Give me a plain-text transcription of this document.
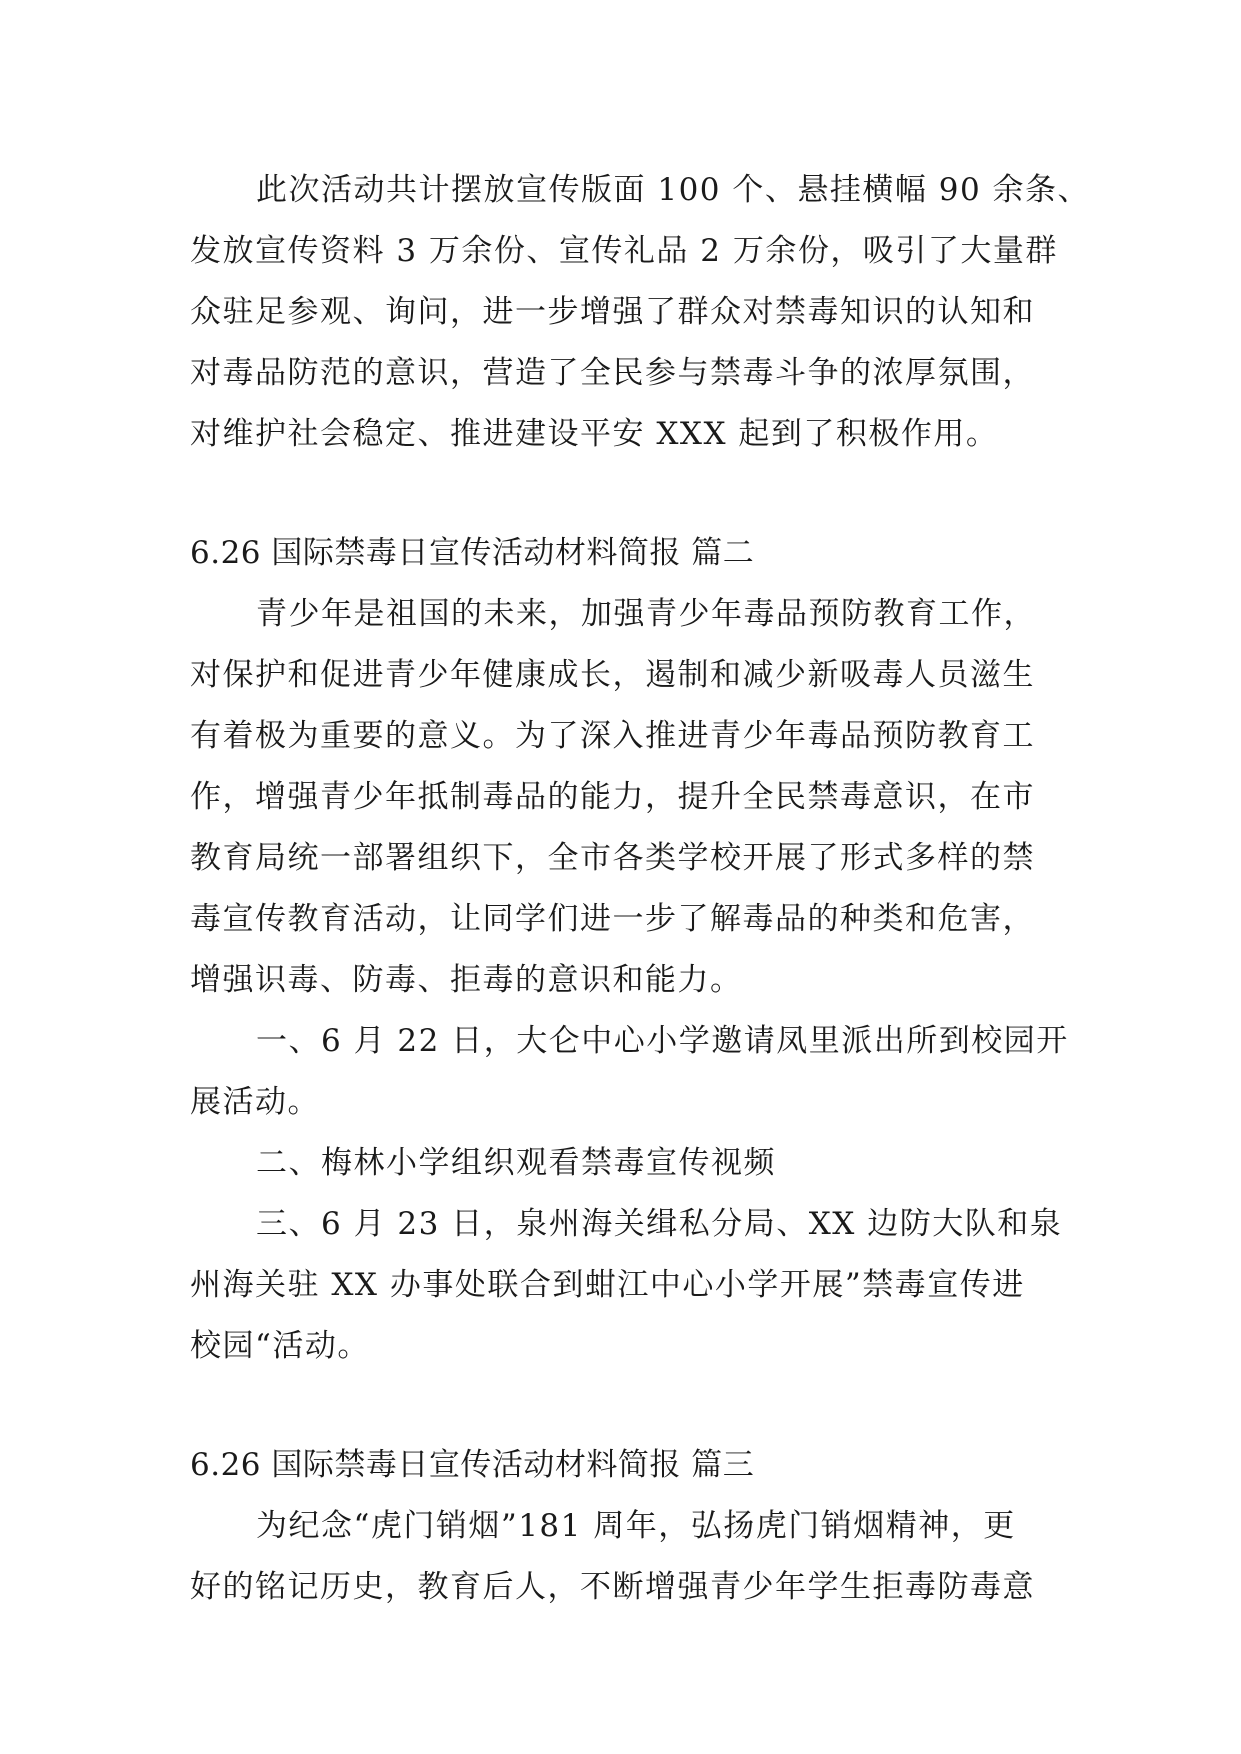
此次活动共计摆放宣传版面 100 个、悬挂横幅 90 余条、
发放宣传资料 3 万余份、宣传礼品 2 万余份，吸引了大量群
众驻足参观、询问，进一步增强了群众对禁毒知识的认知和
对毒品防范的意识，营造了全民参与禁毒斗争的浓厚氛围，
对维护社会稳定、推进建设平安 XXX 起到了积极作用。
6.26 国际禁毒日宣传活动材料简报 篇二
青少年是祖国的未来，加强青少年毒品预防教育工作，
对保护和促进青少年健康成长，遏制和减少新吸毒人员滋生
有着极为重要的意义。为了深入推进青少年毒品预防教育工
作，增强青少年抵制毒品的能力，提升全民禁毒意识，在市
教育局统一部署组织下，全市各类学校开展了形式多样的禁
毒宣传教育活动，让同学们进一步了解毒品的种类和危害，
增强识毒、防毒、拒毒的意识和能力。
一、6 月 22 日，大仑中心小学邀请凤里派出所到校园开
展活动。
二、梅林小学组织观看禁毒宣传视频
三、6 月 23 日，泉州海关缉私分局、XX 边防大队和泉
州海关驻 XX 办事处联合到蚶江中心小学开展”禁毒宣传进
校园“活动。
6.26 国际禁毒日宣传活动材料简报 篇三
为纪念“虎门销烟”181 周年，弘扬虎门销烟精神，更
好的铭记历史，教育后人，不断增强青少年学生拒毒防毒意
